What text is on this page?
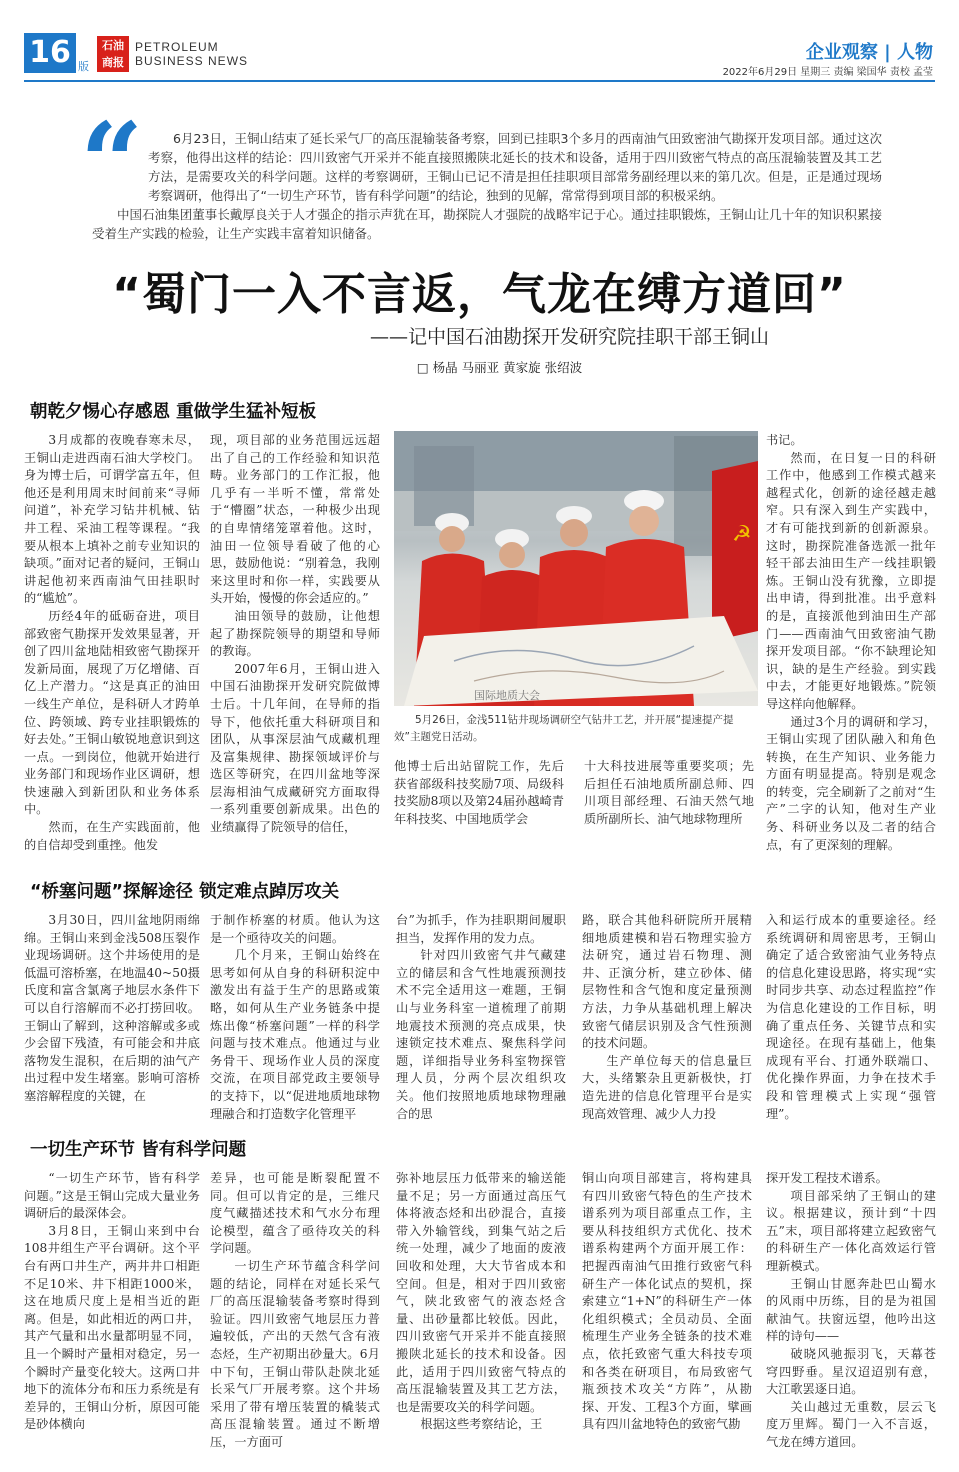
16 版
石油商报
PETROLEUM
BUSINESS NEWS	企业观察 | 人物
2022年6月29日 星期三 责编 梁国华 责校 孟莹
“	6月23日，王铜山结束了延长采气厂的高压混输装备考察，回到已挂职3个多月的西南油气田致密油气勘探开发项目部。通过这次考察，他得出这样的结论：四川致密气开采并不能直接照搬陕北延长的技术和设备，适用于四川致密气特点的高压混输装置及其工艺方法，是需要攻关的科学问题。这样的考察调研，王铜山已记不清是担任挂职项目部常务副经理以来的第几次。但是，正是通过现场考察调研，他得出了“一切生产环节，皆有科学问题”的结论，独到的见解，常常得到项目部的积极采纳。

中国石油集团董事长戴厚良关于人才强企的指示声犹在耳，勘探院人才强院的战略牢记于心。通过挂职锻炼，王铜山让几十年的知识积累接受着生产实践的检验，让生产实践丰富着知识储备。

“蜀门一入不言返，气龙在缚方道回”
——记中国石油勘探开发研究院挂职干部王铜山
□ 杨晶 马丽亚 黄家旋 张绍波
朝乾夕惕心存感恩 重做学生猛补短板

3月成都的夜晚春寒未尽，王铜山走进西南石油大学校门。身为博士后，可谓学富五年，但他还是利用周末时间前来“寻师问道”，补充学习钻井机械、钻井工程、采油工程等课程。“我要从根本上填补之前专业知识的缺项。”面对记者的疑问，王铜山讲起他初来西南油气田挂职时的“尴尬”。

历经4年的砥砺奋进，项目部致密气勘探开发效果显著，开创了四川盆地陆相致密气勘探开发新局面，展现了万亿增储、百亿上产潜力。“这是真正的油田一线生产单位，是科研人才跨单位、跨领域、跨专业挂职锻炼的好去处。”王铜山敏锐地意识到这一点。一到岗位，他就开始进行业务部门和现场作业区调研，想快速融入到新团队和业务体系中。

然而，在生产实践面前，他的自信却受到重挫。他发

现，项目部的业务范围远远超出了自己的工作经验和知识范畴。业务部门的工作汇报，他几乎有一半听不懂，常常处于“懵圈”状态，一种极少出现的自卑情绪笼罩着他。这时，油田一位领导看破了他的心思，鼓励他说：“别着急，我刚来这里时和你一样，实践要从头开始，慢慢的你会适应的。”

油田领导的鼓励，让他想起了勘探院领导的期望和导师的教诲。

2007年6月，王铜山进入中国石油勘探开发研究院做博士后。十几年间，在导师的指导下，他依托重大科研项目和团队，从事深层油气成藏机理及富集规律、勘探领域评价与选区等研究，在四川盆地等深层海相油气成藏研究方面取得一系列重要创新成果。出色的业绩赢得了院领导的信任，

☭
国际地质大会
5月26日，金浅511钻井现场调研空气钻井工艺，并开展“提速提产提效”主题党日活动。

他博士后出站留院工作，先后获省部级科技奖励7项、局级科技奖励8项以及第24届孙越崎青年科技奖、中国地质学会

十大科技进展等重要奖项；先后担任石油地质所副总师、四川项目部经理、石油天然气地质所副所长、油气地球物理所

书记。

然而，在日复一日的科研工作中，他感到工作模式越来越程式化，创新的途径越走越窄。只有深入到生产实践中，才有可能找到新的创新源泉。这时，勘探院准备选派一批年轻干部去油田生产一线挂职锻炼。王铜山没有犹豫，立即提出申请，得到批准。出乎意料的是，直接派他到油田生产部门——西南油气田致密油气勘探开发项目部。“你不缺理论知识，缺的是生产经验。到实践中去，才能更好地锻炼。”院领导这样向他解释。

通过3个月的调研和学习，王铜山实现了团队融入和角色转换，在生产知识、业务能力方面有明显提高。特别是观念的转变，完全刷新了之前对“生产”二字的认知，他对生产业务、科研业务以及二者的结合点，有了更深刻的理解。

“桥塞问题”探解途径 锁定难点踔厉攻关

3月30日，四川盆地阴雨绵绵。王铜山来到金浅508压裂作业现场调研。这个井场使用的是低温可溶桥塞，在地温40~50摄氏度和富含氯离子地层水条件下可以自行溶解而不必打捞回收。王铜山了解到，这种溶解或多或少会留下残渣，有可能会和井底落物发生混积，在后期的油气产出过程中发生堵塞。影响可溶桥塞溶解程度的关键，在

于制作桥塞的材质。他认为这是一个亟待攻关的问题。

几个月来，王铜山始终在思考如何从自身的科研积淀中激发出有益于生产的思路或策略，如何从生产业务链条中提炼出像“桥塞问题”一样的科学问题与技术难点。他通过与业务骨干、现场作业人员的深度交流，在项目部党政主要领导的支持下，以“促进地质地球物理融合和打造数字化管理平

台”为抓手，作为挂职期间履职担当，发挥作用的发力点。

针对四川致密气井气藏建立的储层和含气性地震预测技术不完全适用这一难题，王铜山与业务科室一道梳理了前期地震技术预测的亮点成果，快速锁定技术难点、聚焦科学问题，详细指导业务科室物探管理人员，分两个层次组织攻关。他们按照地质地球物理融合的思

路，联合其他科研院所开展精细地质建模和岩石物理实验方法研究，通过岩石物理、测井、正演分析，建立砂体、储层物性和含气饱和度定量预测方法，力争从基础机理上解决致密气储层识别及含气性预测的技术问题。

生产单位每天的信息量巨大，头绪繁杂且更新极快，打造先进的信息化管理平台是实现高效管理、减少人力投

入和运行成本的重要途径。经系统调研和周密思考，王铜山确定了适合致密油气业务特点的信息化建设思路，将实现“实时同步共享、动态过程监控”作为信息化建设的工作目标，明确了重点任务、关键节点和实现途径。在现有基础上，他集成现有平台、打通外联端口、优化操作界面，力争在技术手段和管理模式上实现“强管理”。

一切生产环节 皆有科学问题

“一切生产环节，皆有科学问题。”这是王铜山完成大量业务调研后的最深体会。

3月8日，王铜山来到中台108井组生产平台调研。这个平台有两口井生产，两井井口相距不足10米、井下相距1000米，这在地质尺度上是相当近的距离。但是，如此相近的两口井，其产气量和出水量都明显不同，且一个瞬时产量相对稳定，另一个瞬时产量变化较大。这两口井地下的流体分布和压力系统是有差异的，王铜山分析，原因可能是砂体横向

差异，也可能是断裂配置不同。但可以肯定的是，三维尺度气藏描述技术和气水分布理论模型，蕴含了亟待攻关的科学问题。

一切生产环节蕴含科学问题的结论，同样在对延长采气厂的高压混输装备考察时得到验证。四川致密气地层压力普遍较低，产出的天然气含有液态烃，生产初期出砂量大。6月中下旬，王铜山带队赴陕北延长采气厂开展考察。这个井场采用了带有增压装置的橇装式高压混输装置。通过不断增压，一方面可

弥补地层压力低带来的输送能量不足；另一方面通过高压气体将液态烃和出砂混合，直接带入外输管线，到集气站之后统一处理，减少了地面的废液回收和处理，大大节省成本和空间。但是，相对于四川致密气，陕北致密气的液态烃含量、出砂量都比较低。因此，四川致密气开采并不能直接照搬陕北延长的技术和设备。因此，适用于四川致密气特点的高压混输装置及其工艺方法，也是需要攻关的科学问题。

根据这些考察结论，王

铜山向项目部建言，将构建具有四川致密气特色的生产技术谱系列为项目部重点工作，主要从科技组织方式优化、技术谱系构建两个方面开展工作：把握西南油气田推行致密气科研生产一体化试点的契机，探索建立“1+N”的科研生产一体化组织模式；全员动员、全面梳理生产业务全链条的技术难点，依托致密气重大科技专项和各类在研项目，布局致密气瓶颈技术攻关“方阵”，从勘探、开发、工程3个方面，擘画具有四川盆地特色的致密气勘

探开发工程技术谱系。

项目部采纳了王铜山的建议。根据建议，预计到“十四五”末，项目部将建立起致密气的科研生产一体化高效运行管理新模式。

王铜山甘愿奔赴巴山蜀水的风雨中历练，目的是为祖国献油气。扶窗远望，他吟出这样的诗句——

破晓风驰振羽飞，天幕苍穹四野垂。星汉迢迢别有意，大江歌罢逐日追。

关山越过无重数，层云飞度万里辉。蜀门一入不言返，气龙在缚方道回。
